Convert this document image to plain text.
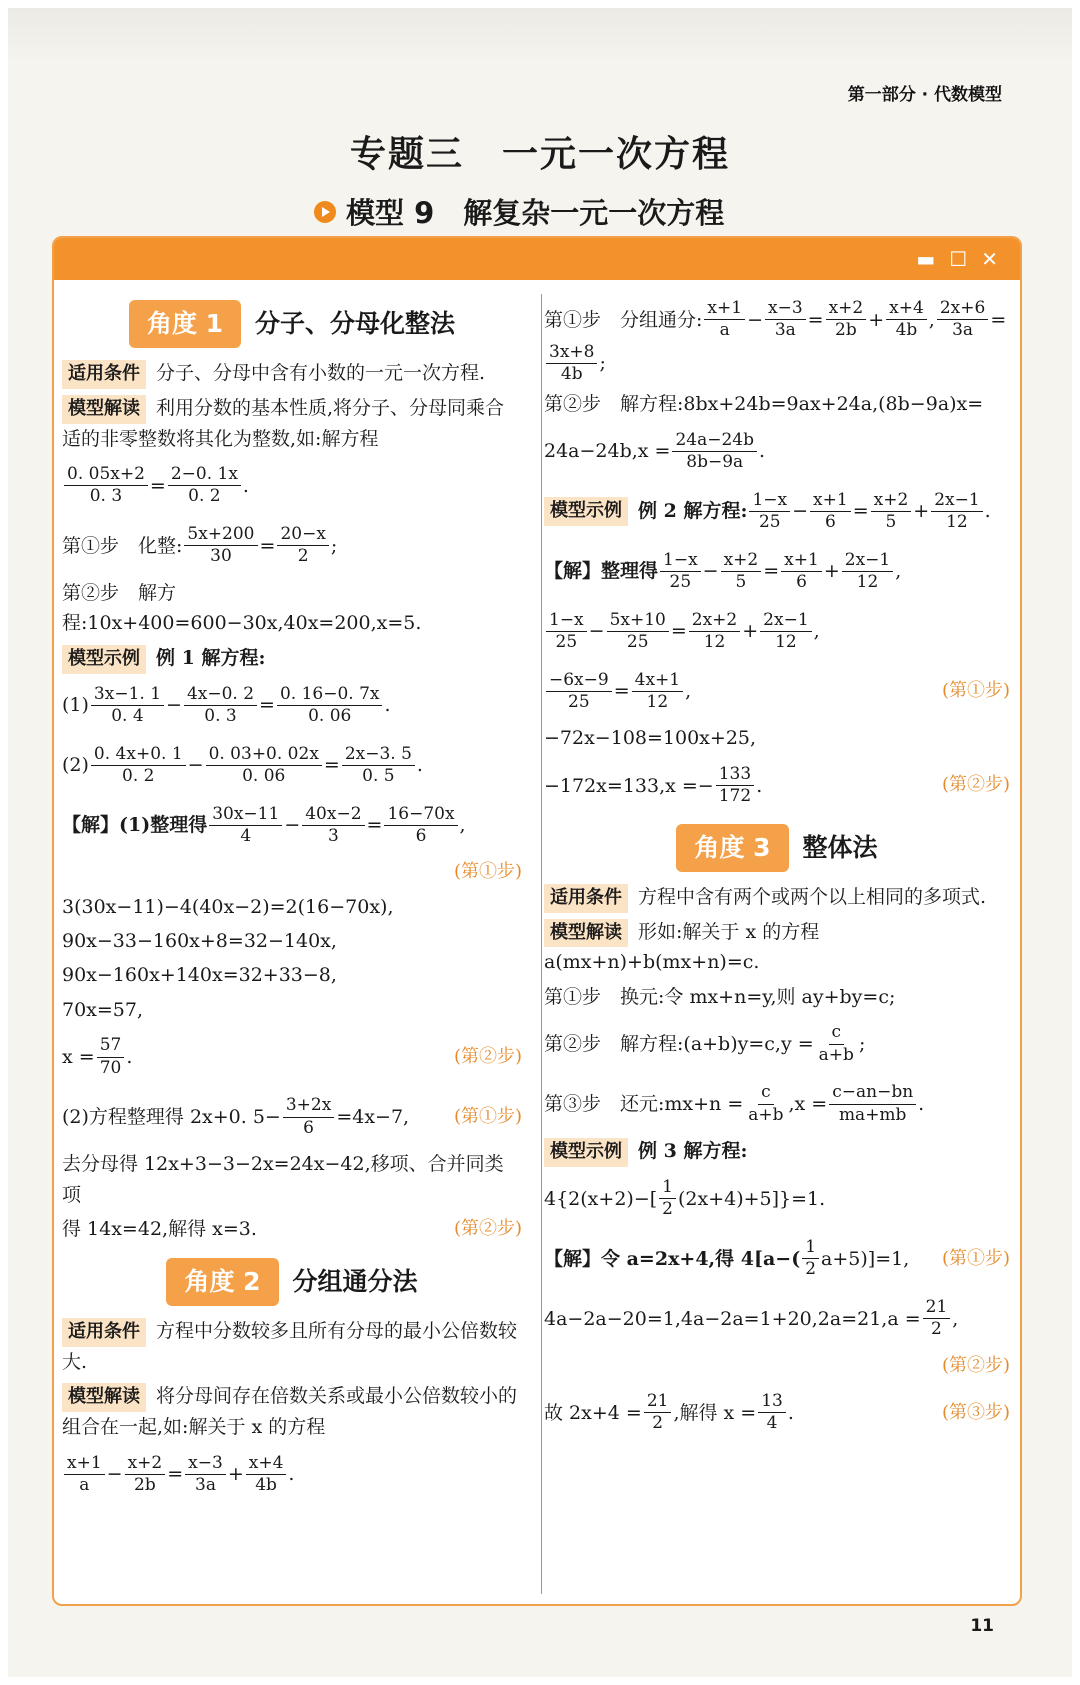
第一部分 · 代数模型
专题三　一元一次方程
模型 9　解复杂一元一次方程
▬ ☐ ✕
角度 1	分子、分母化整法
适用条件 分子、分母中含有小数的一元一次方程.
模型解读 利用分数的基本性质,将分子、分母同乘合适的非零整数将其化为整数,如:解方程
$\frac{0. 05x+2}{0. 3} = \frac{2-0. 1x}{0. 2}$ .
第①步　化整: $\frac{5x+200}{30} = \frac{20-x}{2}$ ;
第②步　解方程:10x+400=600−30x,40x=200,x=5.
模型示例 例 1 解方程:
$(1) \frac{3x-1. 1}{0. 4} - \frac{4x-0. 2}{0. 3} = \frac{0. 16-0. 7x}{0. 06}$ .
$(2) \frac{0. 4x+0. 1}{0. 2} - \frac{0. 03+0. 02x}{0. 06} = \frac{2x-3. 5}{0. 5}$ .
【解】(1)整理得 $\frac{30x-11}{4} - \frac{40x-2}{3} = \frac{16-70x}{6}$ ,
(第①步)
3(30x−11)−4(40x−2)=2(16−70x),
90x−33−160x+8=32−140x,
90x−160x+140x=32+33−8,
70x=57,
$x = \frac{57}{70}$ .	(第②步)
(2)方程整理得 2x+0. $5- \frac{3+2x}{6} =4x-7$, (第①步)
去分母得 12x+3−3−2x=24x−42,移项、合并同类项
得 14x=42,解得 x=3.	(第②步)
角度 2	分组通分法
适用条件 方程中分数较多且所有分母的最小公倍数较大.
模型解读 将分母间存在倍数关系或最小公倍数较小的组合在一起,如:解关于 x 的方程
$\frac{x+1}{a} - \frac{x+2}{2b} = \frac{x-3}{3a} + \frac{x+4}{4b}$ .
第①步　分组通分: $\frac{x+1}{a} - \frac{x-3}{3a} = \frac{x+2}{2b} + \frac{x+4}{4b}$ , $\frac{2x+6}{3a}$ =
$\frac{3x+8}{4b}$ ;
第②步　解方程:8bx+24b=9ax+24a,(8b−9a)x=
$24a-24b,x = \frac{24a-24b}{8b-9a}$ .
模型示例 例 2 解方程: $\frac{1-x}{25} - \frac{x+1}{6} = \frac{x+2}{5} + \frac{2x-1}{12}$ .
【解】整理得 $\frac{1-x}{25} - \frac{x+2}{5} = \frac{x+1}{6} + \frac{2x-1}{12}$ ,
$\frac{1-x}{25} - \frac{5x+10}{25} = \frac{2x+2}{12} + \frac{2x-1}{12}$ ,
$\frac{-6x-9}{25} = \frac{4x+1}{12}$ ,	(第①步)
−72x−108=100x+25,
$-172x=133,x =- \frac{133}{172}$ .	(第②步)
角度 3	整体法
适用条件 方程中含有两个或两个以上相同的多项式.
模型解读 形如:解关于 x 的方程 a(mx+n)+b(mx+n)=c.
第①步　换元:令 mx+n=y,则 ay+by=c;
第②步　解方程:(a+b)y=c,y = $\frac{c}{a+b}$ ;
第③步　还元:mx+n = $\frac{c}{a+b} ,x = \frac{c-an-bn}{ma+mb}$ .
模型示例 例 3 解方程:
$4\{2(x+2)-[ \frac{1}{2} (2x+4)+5]\}=1$.
【解】令 a=2x+4,得 $4[a-( \frac{1}{2} a+5)]=1$, (第①步)
$4a-2a-20=1,4a-2a=1+20,2a=21,a = \frac{21}{2}$ ,
(第②步)
故 $2x+4 = \frac{21}{2}$ ,解得 $x = \frac{13}{4}$ .	(第③步)
11
